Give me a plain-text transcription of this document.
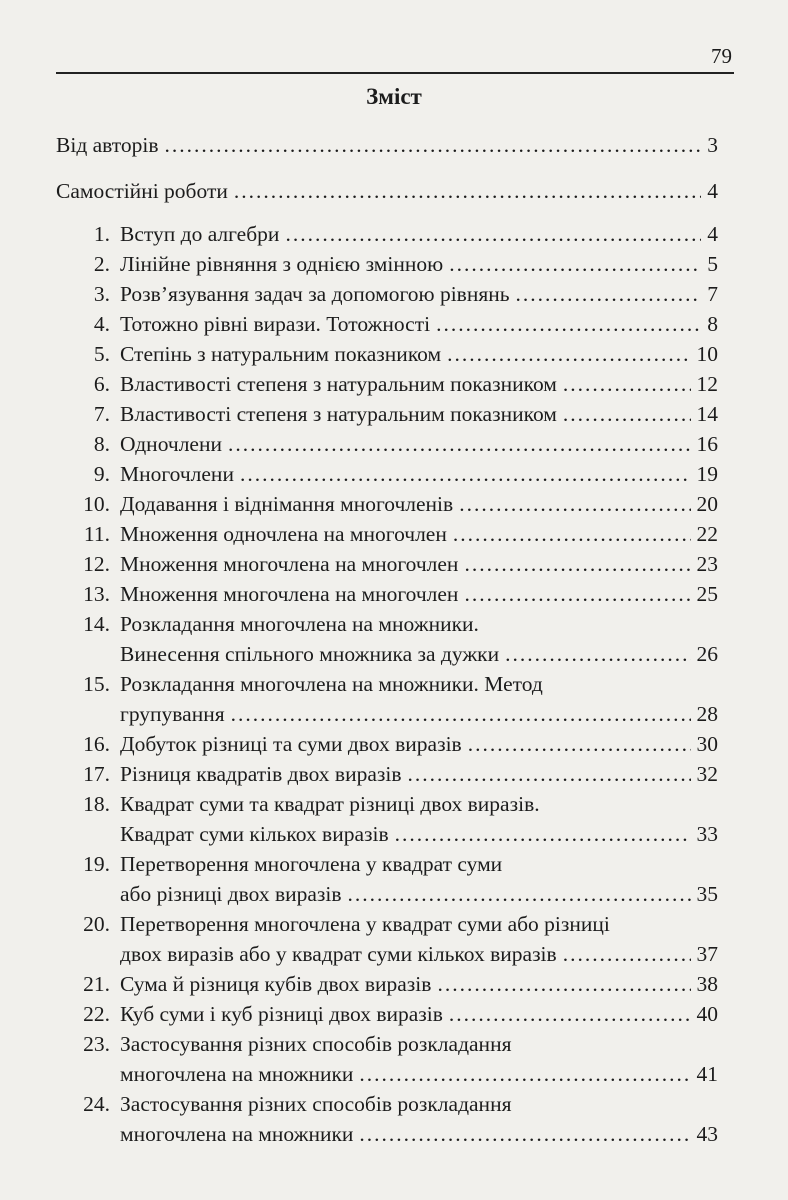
79
Зміст
Від авторів .....	3
Самостійні роботи .....	4
1. Вступ до алгебри .....	4
2. Лінійне рівняння з однією змінною .....	5
3. Розв’язування задач за допомогою рівнянь .....	7
4. Тотожно рівні вирази. Тотожності .....	8
5. Степінь з натуральним показником .....	10
6. Властивості степеня з натуральним показником .....	12
7. Властивості степеня з натуральним показником .....	14
8. Одночлени .....	16
9. Многочлени .....	19
10. Додавання і віднімання многочленів .....	20
11. Множення одночлена на многочлен .....	22
12. Множення многочлена на многочлен .....	23
13. Множення многочлена на многочлен .....	25
14. Розкладання многочлена на множники.
Винесення спільного множника за дужки .....	26
15. Розкладання многочлена на множники. Метод
групування .....	28
16. Добуток різниці та суми двох виразів .....	30
17. Різниця квадратів двох виразів .....	32
18. Квадрат суми та квадрат різниці двох виразів.
Квадрат суми кількох виразів .....	33
19. Перетворення многочлена у квадрат суми
або різниці двох виразів .....	35
20. Перетворення многочлена у квадрат суми або різниці
двох виразів або у квадрат суми кількох виразів .....	37
21. Сума й різниця кубів двох виразів .....	38
22. Куб суми і куб різниці двох виразів .....	40
23. Застосування різних способів розкладання
многочлена на множники .....	41
24. Застосування різних способів розкладання
многочлена на множники .....	43
